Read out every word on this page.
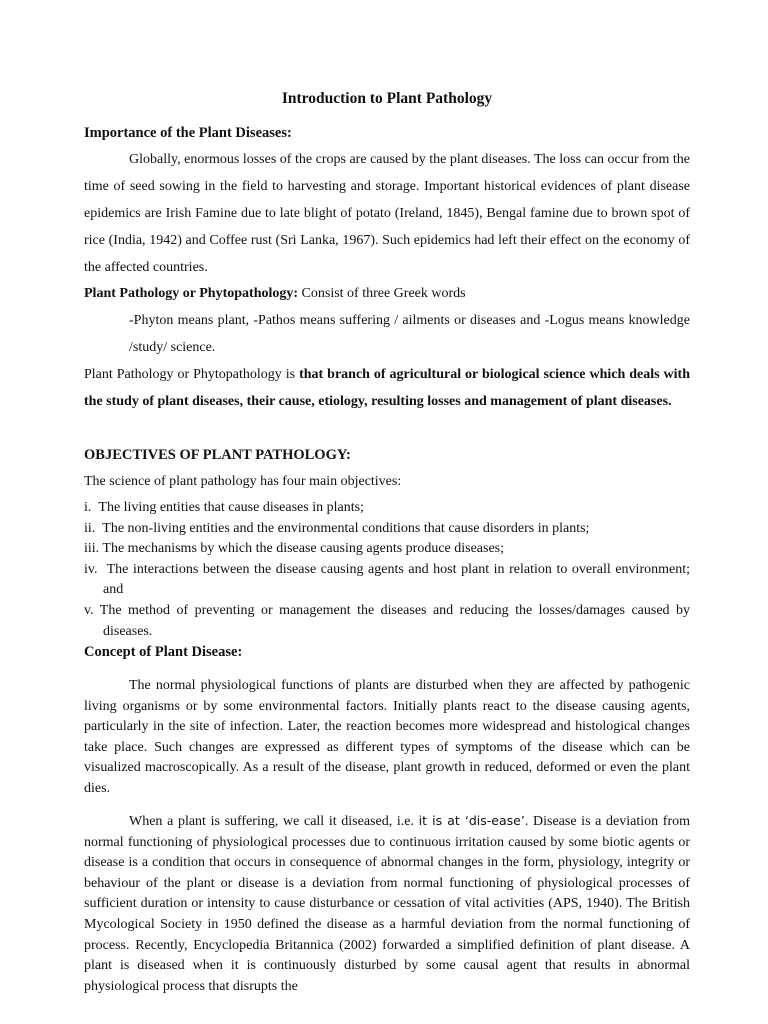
Introduction to Plant Pathology
Importance of the Plant Diseases:

Globally, enormous losses of the crops are caused by the plant diseases. The loss can occur from the time of seed sowing in the field to harvesting and storage. Important historical evidences of plant disease epidemics are Irish Famine due to late blight of potato (Ireland, 1845), Bengal famine due to brown spot of rice (India, 1942) and Coffee rust (Sri Lanka, 1967). Such epidemics had left their effect on the economy of the affected countries.

Plant Pathology or Phytopathology: Consist of three Greek words

-Phyton means plant, -Pathos means suffering / ailments or diseases and -Logus means knowledge /study/ science.

Plant Pathology or Phytopathology is that branch of agricultural or biological science which deals with the study of plant diseases, their cause, etiology, resulting losses and management of plant diseases.

OBJECTIVES OF PLANT PATHOLOGY:

The science of plant pathology has four main objectives:

i.  The living entities that cause diseases in plants;
ii.  The non-living entities and the environmental conditions that cause disorders in plants;
iii. The mechanisms by which the disease causing agents produce diseases;
iv.  The interactions between the disease causing agents and host plant in relation to overall environment; and
v. The method of preventing or management the diseases and reducing the losses/damages caused by diseases.
Concept of Plant Disease:

The normal physiological functions of plants are disturbed when they are affected by pathogenic living organisms or by some environmental factors. Initially plants react to the disease causing agents, particularly in the site of infection. Later, the reaction becomes more widespread and histological changes take place. Such changes are expressed as different types of symptoms of the disease which can be visualized macroscopically. As a result of the disease, plant growth in reduced, deformed or even the plant dies.

When a plant is suffering, we call it diseased, i.e. it is at ‘dis-ease’. Disease is a deviation from normal functioning of physiological processes due to continuous irritation caused by some biotic agents or disease is a condition that occurs in consequence of abnormal changes in the form, physiology, integrity or behaviour of the plant or disease is a deviation from normal functioning of physiological processes of sufficient duration or intensity to cause disturbance or cessation of vital activities (APS, 1940). The British Mycological Society in 1950 defined the disease as a harmful deviation from the normal functioning of process. Recently, Encyclopedia Britannica (2002) forwarded a simplified definition of plant disease. A plant is diseased when it is continuously disturbed by some causal agent that results in abnormal physiological process that disrupts the
